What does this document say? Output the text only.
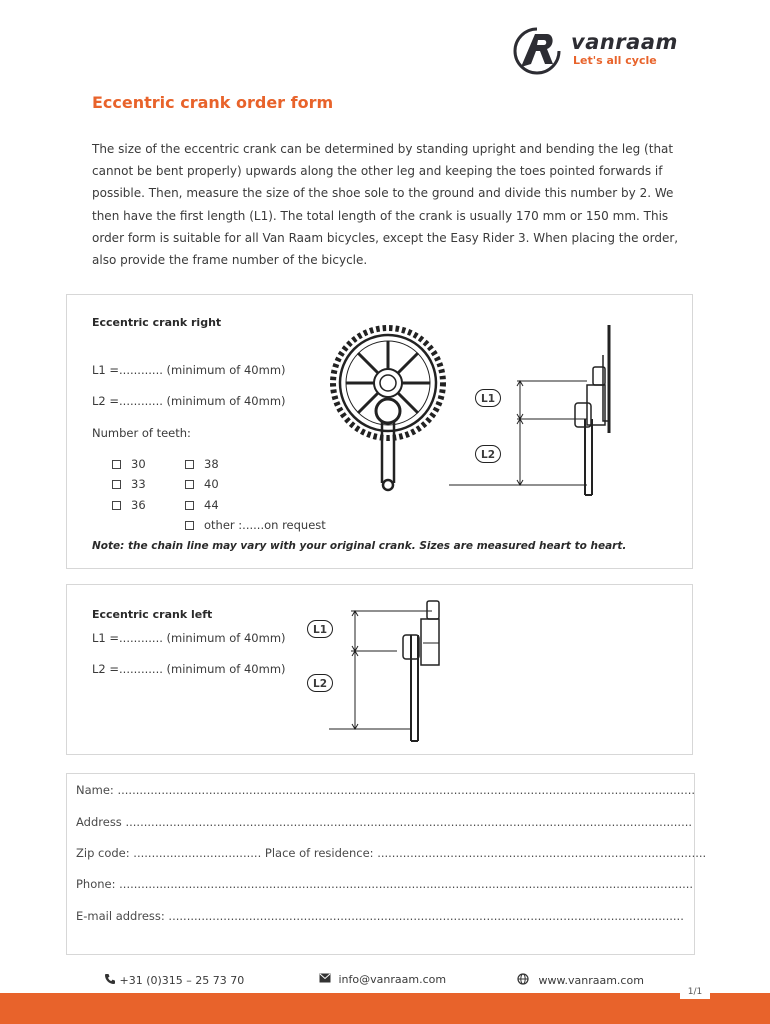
vanraam
Let's all cycle
Eccentric crank order form
The size of the eccentric crank can be determined by standing upright and bending the leg (that cannot be bent properly) upwards along the other leg and keeping the toes pointed forwards if possible. Then, measure the size of the shoe sole to the ground and divide this number by 2. We then have the first length (L1). The total length of the crank is usually 170 mm or 150 mm. This order form is suitable for all Van Raam bicycles, except the Easy Rider 3. When placing the order, also provide the frame number of the bicycle.
Eccentric crank right
L1 =............ (minimum of 40mm)
L2 =............ (minimum of 40mm)
Number of teeth:
30
33
36
38
40
44
other :......on request
Note: the chain line may vary with your original crank. Sizes are measured heart to heart.
L1
L2
Eccentric crank left
L1 =............ (minimum of 40mm)
L2 =............ (minimum of 40mm)
L1
L2
Name: ..............................................................................................................................................................
Address ...........................................................................................................................................................
Zip code: ................................... Place of residence: ..........................................................................................
Phone: .............................................................................................................................................................
E-mail address: .............................................................................................................................................
+31 (0)315 – 25 73 70	info@vanraam.com	www.vanraam.com
1/1
